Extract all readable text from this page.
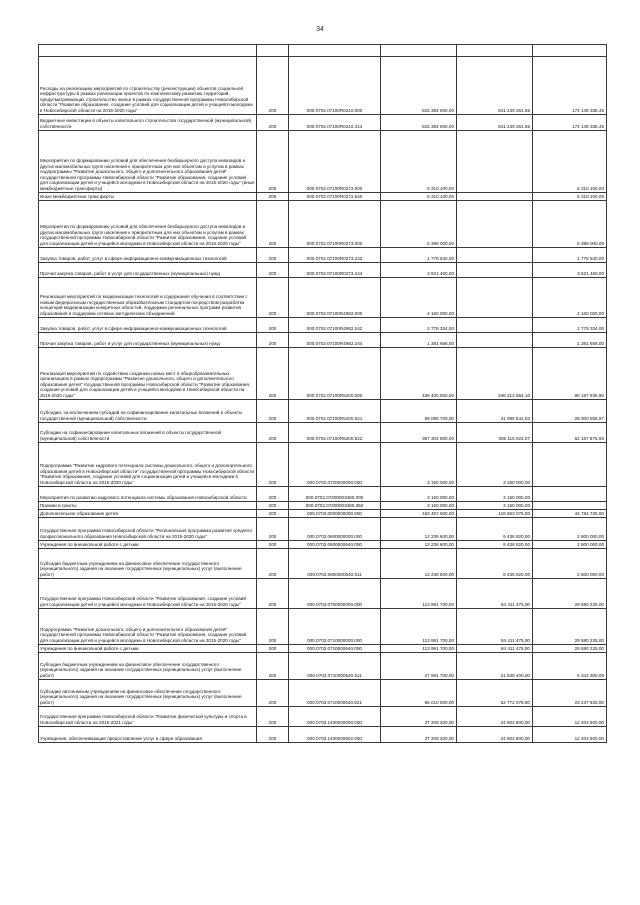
34

Расходы на реализацию мероприятий по строительству (реконструкции) объектов социальной инфраструктуры в рамках реализации проектов по комплексному развитию территорий, предусматривающих строительство жилья в рамках государственной программы Новосибирской области "Развитие образования, создание условий для социализации детей и учащейся молодежи в Новосибирской области на 2015-2020 годы"	200	000.0702.07100R0210.000	815 384 600,00	641 239 261,55	174 145 338,45
Бюджетные инвестиции в объекты капитального строительства государственной (муниципальной) собственности	200	000.0702.07100R0210.414	815 384 600,00	641 239 261,55	174 145 338,45
Мероприятия по формированию условий для обеспечения безбарьерного доступа инвалидов и других маломобильных групп населения к приоритетным для них объектам и услугам в рамках подпрограммы "Развитие дошкольного, общего и дополнительного образования детей" государственной программы Новосибирской области "Развитие образования, создание условий для социализации детей и учащейся молодежи в Новосибирской области на 2015-2020 годы" (иные межбюджетные трансферты)	200	000.0702.07100R0272.000	6 310 100,00		6 310 100,00
Иные межбюджетные трансферты	200	000.0702.07100R0272.540	6 310 100,00		6 310 100,00
Мероприятия по формированию условий для обеспечения безбарьерного доступа инвалидов и других маломобильных групп населения к приоритетным для них объектам и услугам в рамках государственной программы Новосибирской области "Развитие образования, создание условий для социализации детей и учащейся молодежи в Новосибирской области на 2015-2020 годы"	200	000.0702.07100R0273.000	5 398 000,00		5 398 000,00
Закупка товаров, работ, услуг в сфере информационно-коммуникационных технологий	200	000.0702.07100R0273.242	1 776 540,00		1 776 540,00
Прочая закупка товаров, работ и услуг для государственных (муниципальных) нужд	200	000.0702.07100R0273.244	3 621 460,00		3 621 460,00
Реализация мероприятий по модернизации технологий и содержания обучения в соответствии с новым федеральным государственным образовательным стандартом посредством разработки концепций модернизации конкретных областей, поддержки региональных программ развития образования и поддержки сетевых методических объединений	200	000.0702.07100R4982.000	4 160 000,00		4 160 000,00
Закупка товаров, работ, услуг в сфере информационно-коммуникационных технологий	200	000.0702.07100R4982.242	2 778 334,00		2 778 334,00
Прочая закупка товаров, работ и услуг для государственных (муниципальных) нужд	200	000.0702.07100R4982.244	1 381 666,00		1 381 666,00
Реализация мероприятий по содействию созданию новых мест в общеобразовательных организациях в рамках подпрограммы "Развитие дошкольного, общего и дополнительного образования детей" государственной программы Новосибирской области "Развитие образования, создание условий для социализации детей и учащейся молодежи в Новосибирской области на 2015-2020 годы"	200	000.0702.07100R5200.000	436 400 500,00	346 212 564,10	90 187 935,90
Субсидии, за исключением субсидий на софинансирование капитальных вложений в объекты государственной (муниципальной) собственности	200	000.0702.07100R5200.521	69 095 700,00	41 095 641,03	28 000 058,97
Субсидии на софинансирование капитальных вложений в объекты государственной (муниципальной) собственности	200	000.0702.07100R5200.522	367 304 800,00	305 116 923,07	62 187 876,93
Подпрограмма "Развитие кадрового потенциала системы дошкольного, общего и дополнительного образования детей в Новосибирской области" государственной программы Новосибирской области "Развитие образования, создание условий для социализации детей и учащейся молодежи в Новосибирской области на 2015-2020 годы"	200	000.0702.0720000000.000	3 150 000,00	3 150 000,00	
Мероприятия по развитию кадрового потенциала системы образования Новосибирской области	200	000.0702.07200003490.000	3 150 000,00	3 150 000,00	
Премии и гранты	200	000.0702.07200003490.350	3 150 000,00	3 150 000,00	
Дополнительное образование детей	200	000.0703.0000000000.000	163 457 600,00	118 653 075,00	44 784 725,00
Государственная программа Новосибирской области "Региональная программа развития среднего профессионального образования Новосибирской области на 2015-2020 годы"	200	000.0703.0600000000.000	12 236 600,00	9 436 820,00	2 800 000,00
Учреждения по внешкольной работе с детьми	200	000.0703.0600000640.000	12 236 600,00	9 436 820,00	2 800 000,00
Субсидии бюджетным учреждениям на финансовое обеспечение государственного (муниципального) задания на оказание государственных (муниципальных) услуг (выполнение работ)	200	000.0703.0600000640.611	12 236 600,00	9 436 820,00	2 800 000,00
Государственная программа Новосибирской области "Развитие образования, создание условий для социализации детей и учащейся молодежи в Новосибирской области на 2015-2020 годы"	200	000.0703.0700000000.000	113 991 700,00	84 411 475,00	29 580 225,00
Подпрограмма "Развитие дошкольного, общего и дополнительного образования детей" государственной программы Новосибирской области "Развитие образования, создание условий для социализации детей и учащейся молодежи в Новосибирской области на 2015-2020 годы"	200	000.0703.0710000000.000	113 991 700,00	84 411 475,00	29 580 225,00
Учреждения по внешкольной работе с детьми	200	000.0703.0710000640.000	113 991 700,00	84 411 475,00	29 580 225,00
Субсидии бюджетным учреждениям на финансовое обеспечение государственного (муниципального) задания на оказание государственных (муниципальных) услуг (выполнение работ)	200	000.0703.0710000640.611	27 981 700,00	21 639 400,00	6 342 300,00
Субсидии автономным учреждениям на финансовое обеспечение государственного (муниципального) задания на оказание государственных (муниципальных) услуг (выполнение работ)	200	000.0703.0710000640.621	86 010 000,00	62 772 075,00	23 237 925,00
Государственная программа Новосибирской области "Развитие физической культуры и спорта в Новосибирской области на 2015-2021 годы"	200	000.0703.1400000000.000	37 209 300,00	24 804 800,00	12 404 500,00
Учреждения, обеспечивающие предоставление услуг в сфере образования	200	000.0703.1400000602.000	37 209 300,00	24 804 800,00	12 404 500,00
